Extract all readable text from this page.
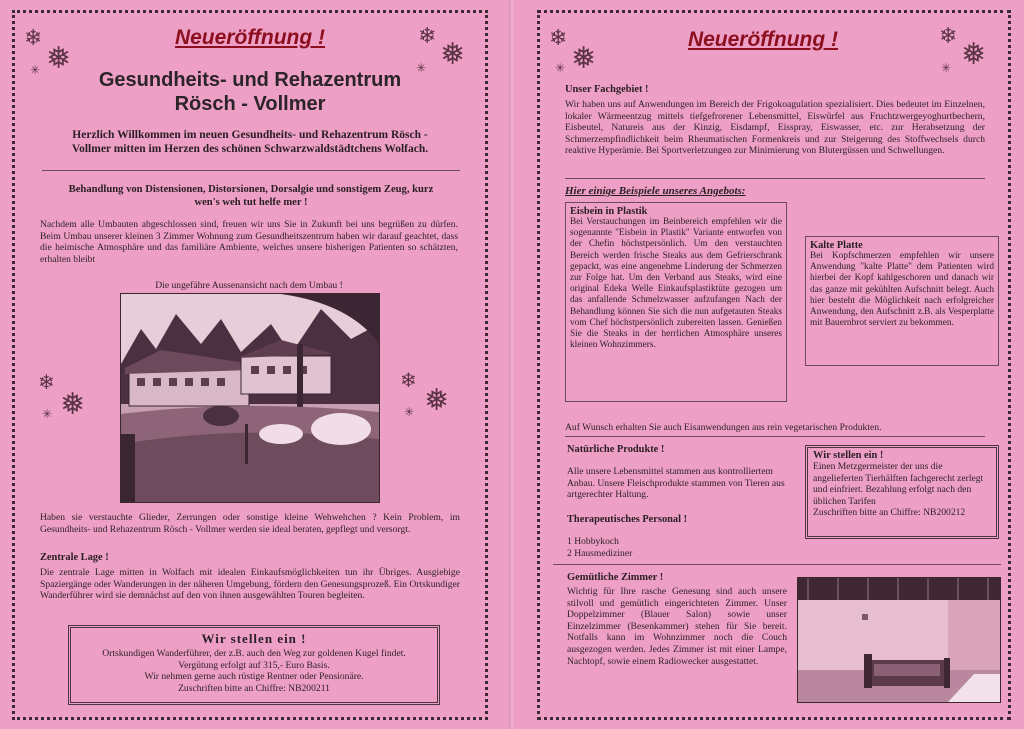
❄
❅
✳
❄
❅
✳
❄
❅
✳
❄
❅
✳
Neueröffnung !
Gesundheits- und Rehazentrum
Rösch - Vollmer
Herzlich Willkommen im neuen Gesundheits- und Rehazentrum Rösch - Vollmer mitten im Herzen des schönen Schwarzwaldstädtchens Wolfach.
Behandlung von Distensionen, Distorsionen, Dorsalgie und sonstigem Zeug, kurz wen's weh tut helfe mer !
Nachdem alle Umbauten abgeschlossen sind, freuen wir uns Sie in Zukunft bei uns begrüßen zu dürfen. Beim Umbau unserer kleinen 3 Zimmer Wohnung zum Gesundheitszentrum haben wir darauf geachtet, dass die heimische Atmosphäre und das familiäre Ambiente, welches unsere bisherigen Patienten so schätzten, erhalten bleibt
Die ungefähre Aussenansicht nach dem Umbau !
Haben sie verstauchte Glieder, Zerrungen oder sonstige kleine Wehwehchen ? Kein Problem, im Gesundheits- und Rehazentrum Rösch - Vollmer werden sie ideal beraten, gepflegt und versorgt.
Zentrale Lage !
Die zentrale Lage mitten in Wolfach mit idealen Einkaufsmöglichkeiten tun ihr Übriges. Ausgiebige Spaziergänge oder Wanderungen in der näheren Umgebung, fördern den Genesungsprozeß. Ein Ortskundiger Wanderführer wird sie demnächst auf den von ihnen ausgewählten Touren begleiten.
Wir stellen ein !
Ortskundigen Wanderführer, der z.B. auch den Weg zur goldenen Kugel findet.
Vergütung erfolgt auf 315,- Euro Basis.
Wir nehmen gerne auch rüstige Rentner oder Pensionäre.
Zuschriften bitte an Chiffre: NB200211
❄
❅
✳
❄
❅
✳
Neueröffnung !
Unser Fachgebiet !
Wir haben uns auf Anwendungen im Bereich der Frigokoagulation spezialisiert. Dies bedeutet im Einzelnen, lokaler Wärmeentzug mittels tiefgefrorener Lebensmittel, Eiswürfel aus Fruchtzwergeyoghurtbechern, Eisbeutel, Natureis aus der Kinzig, Eisdampf, Eisspray, Eiswasser, etc. zur Herabsetzung der Schmerzempfindlichkeit beim Rheumatischen Formenkreis und zur Steigerung des Stoffwechsels durch reaktive Hyperämie. Bei Sportverletzungen zur Minimierung von Blutergüssen und Schwellungen.
Hier einige Beispiele unseres Angebots:
Eisbein in Plastik
Bei Verstauchungen im Beinbereich empfehlen wir die sogenannte "Eisbein in Plastik" Variante entworfen von der Chefin höchstpersönlich. Um den verstauchten Bereich werden frische Steaks aus dem Gefrierschrank gepackt, was eine angenehme Linderung der Schmerzen zur Folge hat. Um den Verband aus Steaks, wird eine original Edeka Welle Einkaufsplastiktüte gezogen um das anfallende Schmelzwasser aufzufangen Nach der Behandlung können Sie sich die nun aufgetauten Steaks vom Chef höchstpersönlich zubereiten lassen. Genießen Sie die Steaks in der herrlichen Atmosphäre unseres kleinen Wohnzimmers.
Kalte Platte
Bei Kopfschmerzen empfehlen wir unsere Anwendung "kalte Platte" dem Patienten wird hierbei der Kopf kahlgeschoren und danach wir das ganze mit gekühlten Aufschnitt belegt. Auch hier besteht die Möglichkeit nach erfolgreicher Anwendung, den Aufschnitt z.B. als Vesperplatte mit Bauernbrot serviert zu bekommen.
Auf Wunsch erhalten Sie auch Eisanwendungen aus rein vegetarischen Produkten.
Natürliche Produkte !
Alle unsere Lebensmittel stammen aus kontrolliertem Anbau. Unsere Fleischprodukte stammen von Tieren aus artgerechter Haltung.
Therapeutisches Personal !
1 Hobbykoch
2 Hausmediziner
Wir stellen ein !
Einen Metzgermeister der uns die angelieferten Tierhälften fachgerecht zerlegt und einfriert. Bezahlung erfolgt nach den üblichen Tarifen
Zuschriften bitte an Chiffre: NB200212
Gemütliche Zimmer !
Wichtig für Ihre rasche Genesung sind auch unsere stilvoll und gemütlich eingerichteten Zimmer. Unser Doppelzimmer (Blauer Salon) sowie unser Einzelzimmer (Besenkammer) stehen für Sie bereit. Notfalls kann im Wohnzimmer noch die Couch ausgezogen werden. Jedes Zimmer ist mit einer Lampe, Nachtopf, sowie einem Radiowecker ausgestattet.
